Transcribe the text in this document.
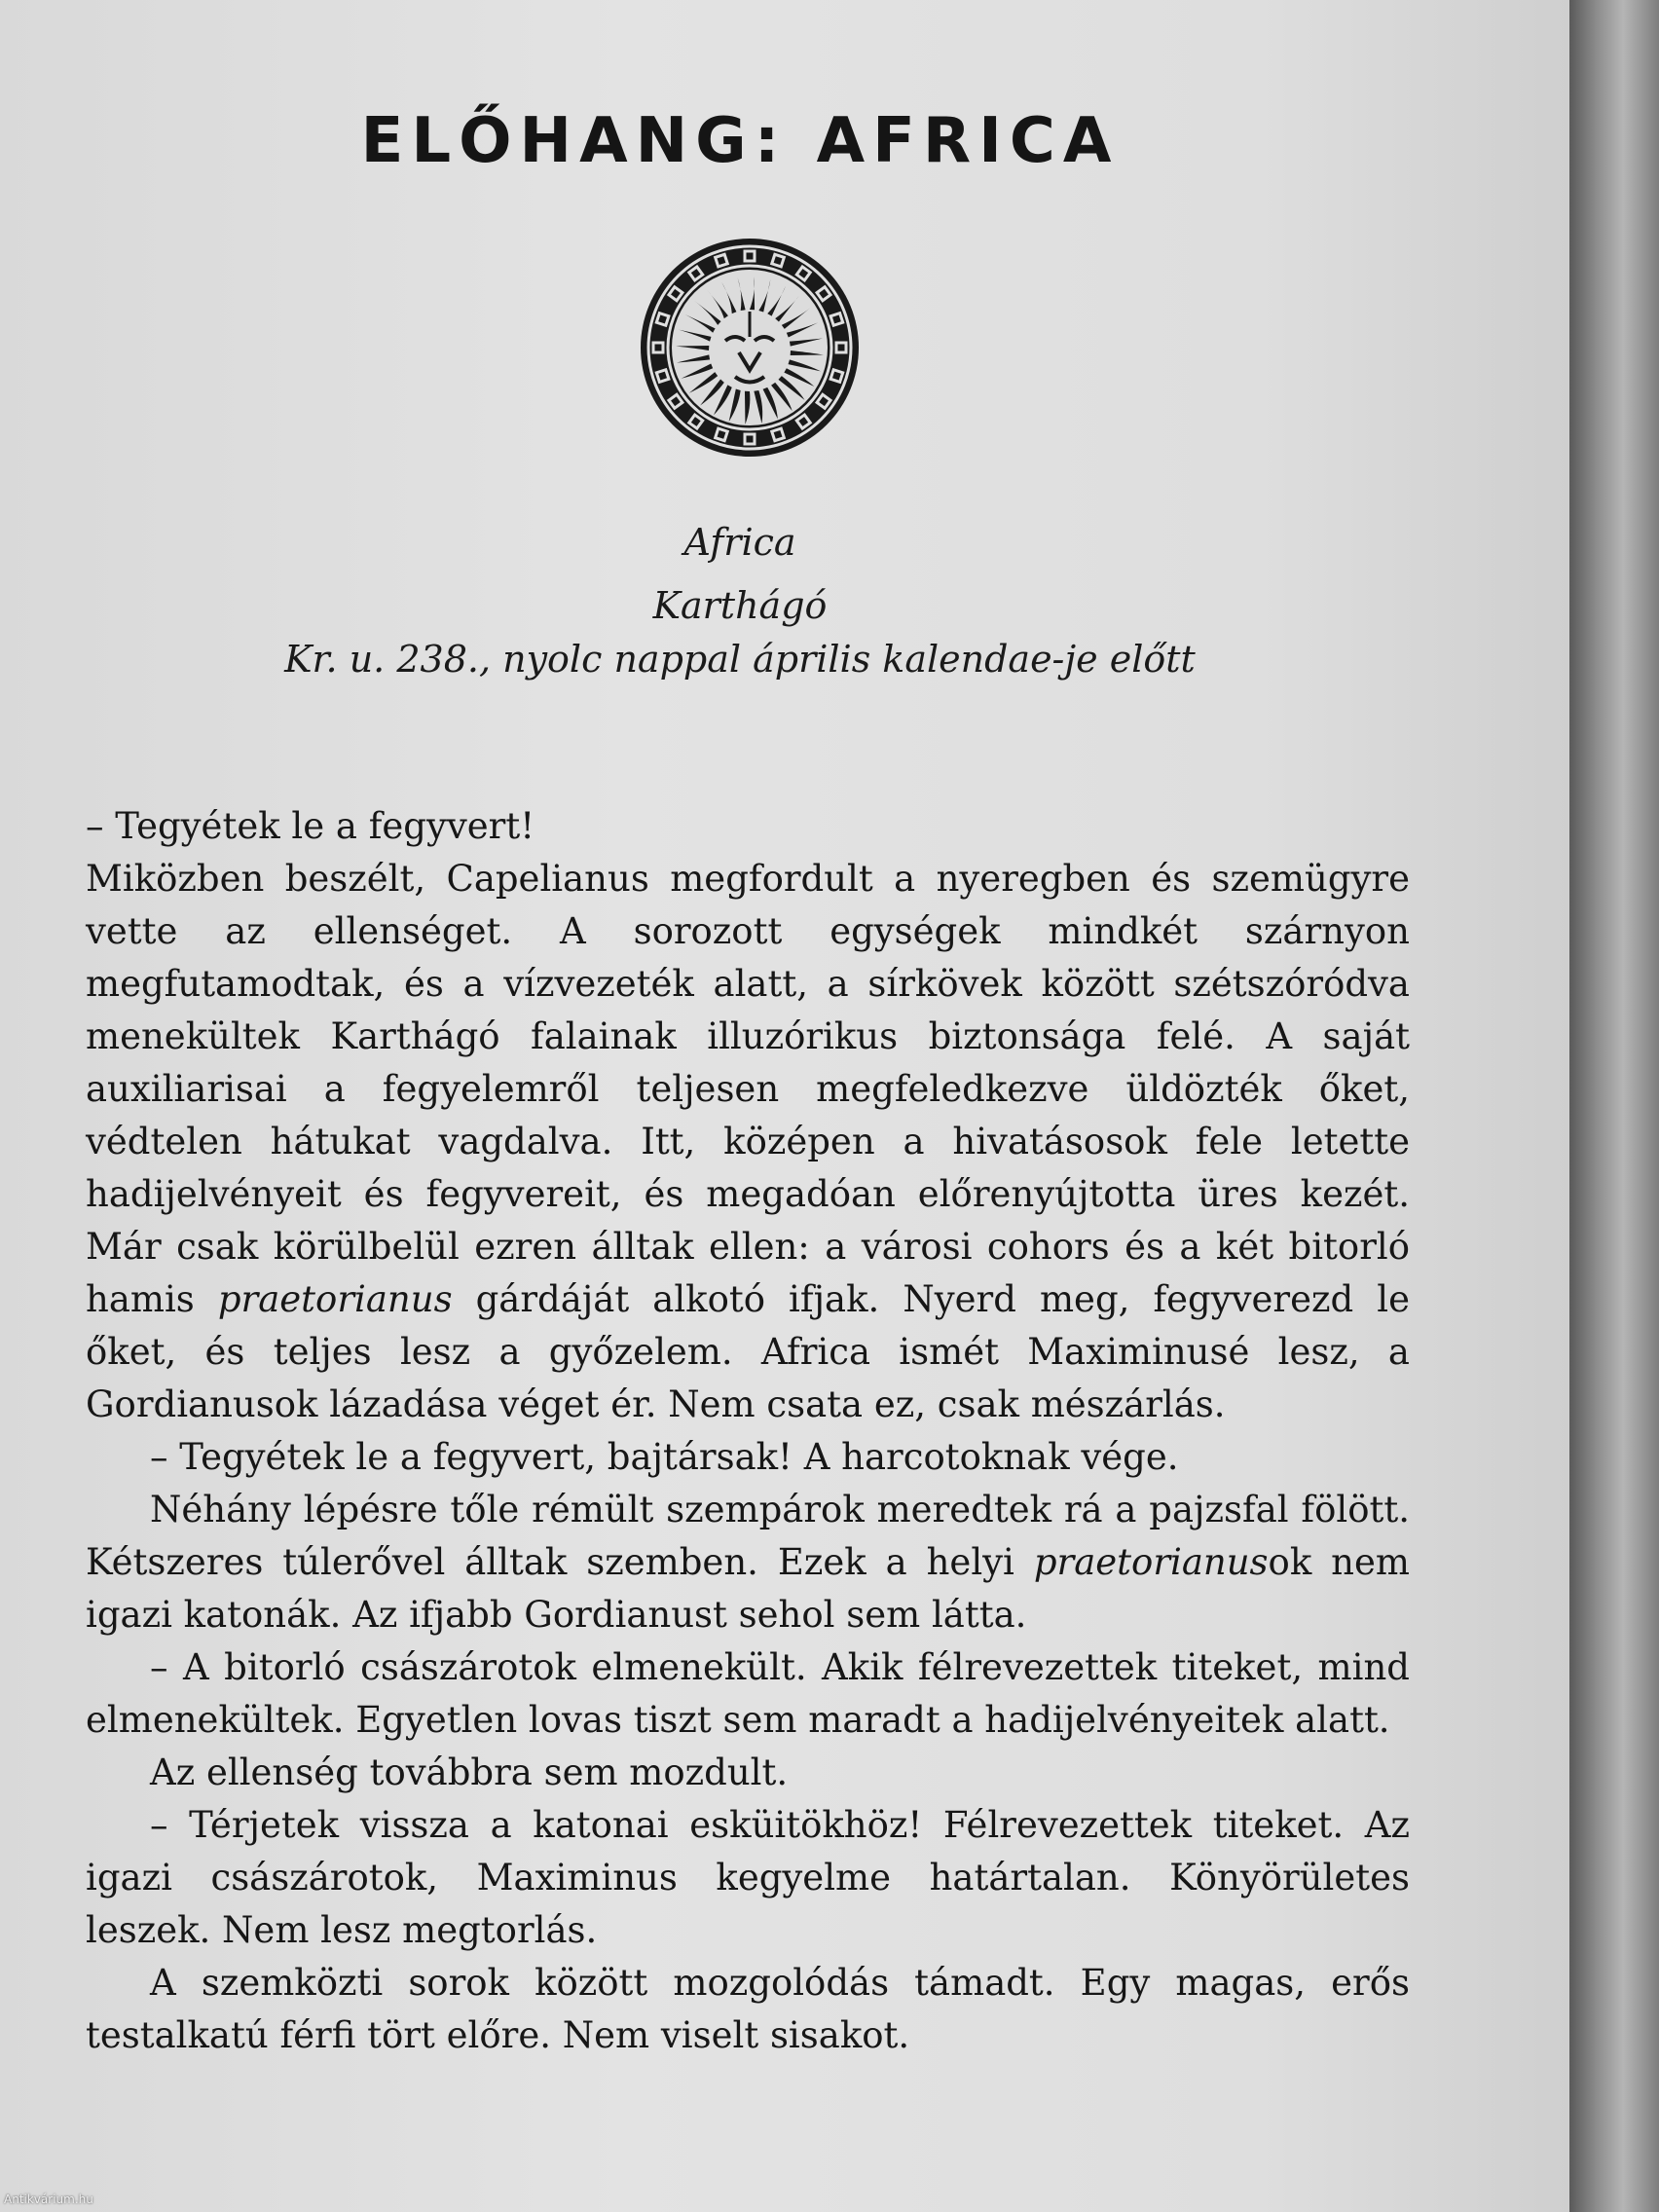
ELŐHANG: AFRICA
Africa
Karthágó
Kr. u. 238., nyolc nappal április kalendae-je előtt

– Tegyétek le a fegyvert!

Miközben beszélt, Capelianus megfordult a nyeregben és szemügyre vette az ellenséget. A sorozott egységek mindkét szárnyon megfutamodtak, és a vízvezeték alatt, a sírkövek között szétszóródva menekültek Karthágó falainak illuzórikus biztonsága felé. A saját auxiliarisai a fegyelemről teljesen megfeledkezve üldözték őket, védtelen hátukat vagdalva. Itt, középen a hivatásosok fele letette hadijelvényeit és fegyvereit, és megadóan előrenyújtotta üres kezét. Már csak körülbelül ezren álltak ellen: a városi cohors és a két bitorló hamis praetorianus gárdáját alkotó ifjak. Nyerd meg, fegyverezd le őket, és teljes lesz a győzelem. Africa ismét Maximinusé lesz, a Gordianusok lázadása véget ér. Nem csata ez, csak mészárlás.

– Tegyétek le a fegyvert, bajtársak! A harcotoknak vége.

Néhány lépésre tőle rémült szempárok meredtek rá a pajzsfal fölött. Kétszeres túlerővel álltak szemben. Ezek a helyi praetorianusok nem igazi katonák. Az ifjabb Gordianust sehol sem látta.

– A bitorló császárotok elmenekült. Akik félrevezettek titeket, mind elmenekültek. Egyetlen lovas tiszt sem maradt a hadijelvényeitek alatt.

Az ellenség továbbra sem mozdult.

– Térjetek vissza a katonai esküitökhöz! Félrevezettek titeket. Az igazi császárotok, Maximinus kegyelme határtalan. Könyörületes leszek. Nem lesz megtorlás.

A szemközti sorok között mozgolódás támadt. Egy magas, erős testalkatú férfi tört előre. Nem viselt sisakot.

Antikvárium.hu
